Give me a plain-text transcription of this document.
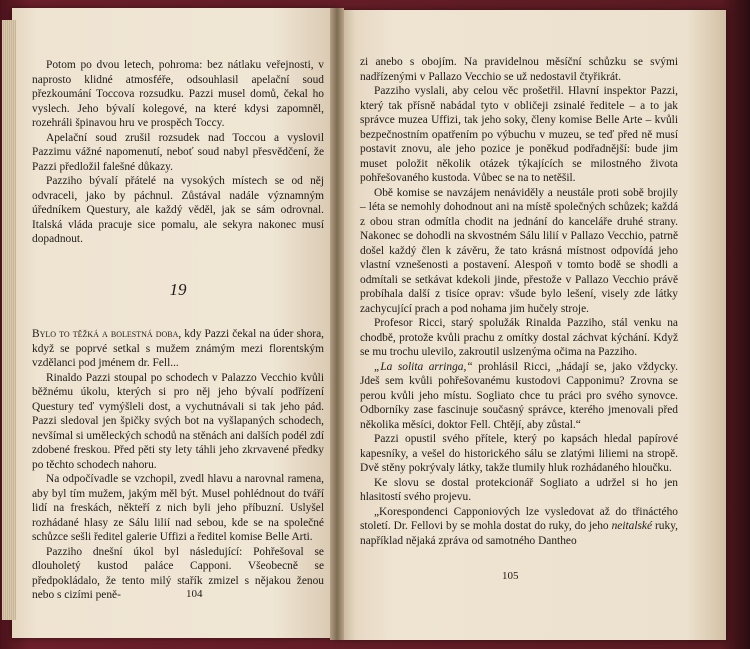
Potom po dvou letech, pohroma: bez nátlaku veřejnosti, v naprosto klidné atmosféře, odsouhlasil apelační soud přezkoumání Toccova rozsudku. Pazzi musel domů, čekal ho vyslech. Jeho bývalí kolegové, na které kdysi zapomněl, rozehráli špinavou hru ve prospěch Toccy.

Apelační soud zrušil rozsudek nad Toccou a vyslovil Pazzimu vážné napomenutí, neboť soud nabyl přesvědčení, že Pazzi předložil falešné důkazy.

Pazziho bývalí přátelé na vysokých místech se od něj odvraceli, jako by páchnul. Zůstával nadále významným úředníkem Questury, ale každý věděl, jak se sám odrovnal. Italská vláda pracuje sice pomalu, ale sekyra nakonec musí dopadnout.

19

Bylo to těžká a bolestná doba, kdy Pazzi čekal na úder shora, když se poprvé setkal s mužem známým mezi florentským vzdělanci pod jménem dr. Fell...

Rinaldo Pazzi stoupal po schodech v Palazzo Vecchio kvůli běžnému úkolu, kterých si pro něj jeho bývalí podřízení Questury teď vymýšleli dost, a vychutnávali si tak jeho pád. Pazzi sledoval jen špičky svých bot na vyšlapaných schodech, nevšímal si uměleckých schodů na stěnách ani dalších podél zdí zdobené freskou. Před pěti sty lety táhli jeho zkrvavené předky po těchto schodech nahoru.

Na odpočívadle se vzchopil, zvedl hlavu a narovnal ramena, aby byl tím mužem, jakým měl být. Musel pohlédnout do tváří lidí na freskách, někteří z nich byli jeho příbuzní. Uslyšel rozhádané hlasy ze Sálu lilií nad sebou, kde se na společné schůzce sešli ředitel galerie Uffizi a ředitel komise Belle Arti.

Pazziho dnešní úkol byl následující: Pohřešoval se dlouholetý kustod paláce Capponi. Všeobecně se předpokládalo, že tento milý stařík zmizel s nějakou ženou nebo s cizími peně-	104

zi anebo s obojím. Na pravidelnou měsíční schůzku se svými nadřízenými v Pallazo Vecchio se už nedostavil čtyřikrát.

Pazziho vyslali, aby celou věc prošetřil. Hlavní inspektor Pazzi, který tak přísně nabádal tyto v obličeji zsinalé ředitele – a to jak správce muzea Uffizi, tak jeho soky, členy komise Belle Arte – kvůli bezpečnostním opatřením po výbuchu v muzeu, se teď před ně musí postavit znovu, ale jeho pozice je poněkud podřadnější: bude jim muset položit několik otázek týkajících se milostného života pohřešovaného kustoda. Vůbec se na to netěšil.

Obě komise se navzájem nenáviděly a neustále proti sobě brojily – léta se nemohly dohodnout ani na místě společných schůzek; každá z obou stran odmítla chodit na jednání do kanceláře druhé strany. Nakonec se dohodli na skvostném Sálu lilií v Pallazo Vecchio, patrně došel každý člen k závěru, že tato krásná místnost odpovídá jeho vlastní vznešenosti a postavení. Alespoň v tomto bodě se shodli a odmítali se setkávat kdekoli jinde, přestože v Pallazo Vecchio právě probíhala další z tisíce oprav: všude bylo lešení, visely zde látky zachycující prach a pod nohama jim hučely stroje.

Profesor Ricci, starý spolužák Rinalda Pazziho, stál venku na chodbě, protože kvůli prachu z omítky dostal záchvat kýchání. Když se mu trochu ulevilo, zakroutil uslzenýma očima na Pazziho.

„La solita arringa,“ prohlásil Ricci, „hádají se, jako vždycky. Jdeš sem kvůli pohřešovanému kustodovi Capponimu? Zrovna se perou kvůli jeho místu. Sogliato chce tu práci pro svého synovce. Odborníky zase fascinuje současný správce, kterého jmenovali před několika měsíci, doktor Fell. Chtějí, aby zůstal.“

Pazzi opustil svého přítele, který po kapsách hledal papírové kapesníky, a vešel do historického sálu se zlatými liliemi na stropě. Dvě stěny pokrývaly látky, takže tlumily hluk rozhádaného hloučku.

Ke slovu se dostal protekcionář Sogliato a udržel si ho jen hlasitostí svého projevu.

„Korespondenci Capponiových lze vysledovat až do třináctého století. Dr. Fellovi by se mohla dostat do ruky, do jeho neitalské ruky, například nějaká zpráva od samotného Dantheo

105
